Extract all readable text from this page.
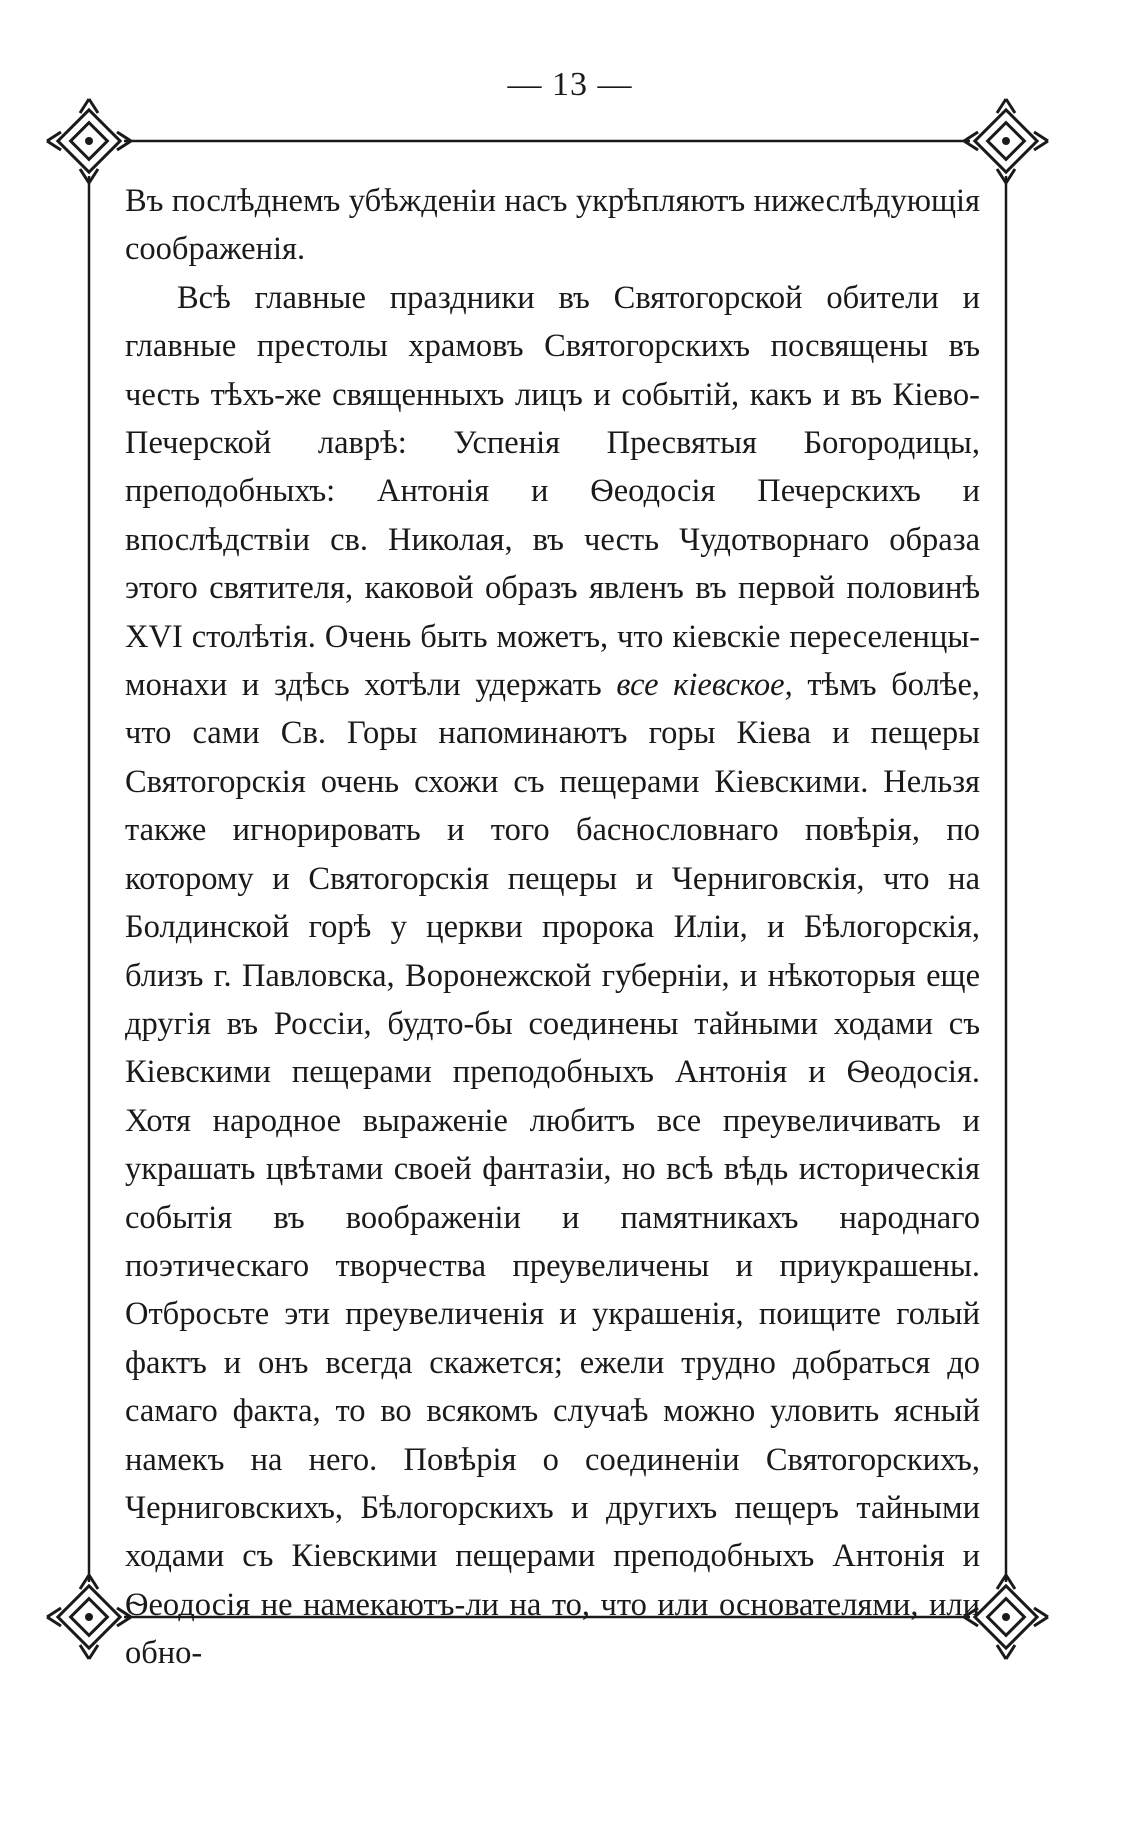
— 13 —

Въ послѣднемъ убѣжденіи насъ укрѣпляютъ нижеслѣдующія соображенія.

Всѣ главные праздники въ Святогорской обители и главные престолы храмовъ Святогорскихъ посвящены въ честь тѣхъ-же священныхъ лицъ и событій, какъ и въ Кіево-Печерской лаврѣ: Успенія Пресвятыя Богородицы, преподобныхъ: Антонія и Ѳеодосія Печерскихъ и впослѣдствіи св. Николая, въ честь Чудотворнаго образа этого святителя, каковой образъ явленъ въ первой половинѣ XVI столѣтія. Очень быть можетъ, что кіевскіе переселенцы-монахи и здѣсь хотѣли удержать все кіевское, тѣмъ болѣе, что сами Св. Горы напоминаютъ горы Кіева и пещеры Святогорскія очень схожи съ пещерами Кіевскими. Нельзя также игнорировать и того баснословнаго повѣрія, по которому и Святогорскія пещеры и Черниговскія, что на Болдинской горѣ у церкви пророка Иліи, и Бѣлогорскія, близъ г. Павловска, Воронежской губерніи, и нѣкоторыя еще другія въ Россіи, будто-бы соединены тайными ходами съ Кіевскими пещерами преподобныхъ Антонія и Ѳеодосія. Хотя народное выраженіе любитъ все преувеличивать и украшать цвѣтами своей фантазіи, но всѣ вѣдь историческія событія въ воображеніи и памятникахъ народнаго поэтическаго творчества преувеличены и приукрашены. Отбросьте эти преувеличенія и украшенія, поищите голый фактъ и онъ всегда скажется; ежели трудно добраться до самаго факта, то во всякомъ случаѣ можно уловить ясный намекъ на него. Повѣрія о соединеніи Святогорскихъ, Черниговскихъ, Бѣлогорскихъ и другихъ пещеръ тайными ходами съ Кіевскими пещерами преподобныхъ Антонія и Ѳеодосія не намекаютъ-ли на то, что или основателями, или обно-
